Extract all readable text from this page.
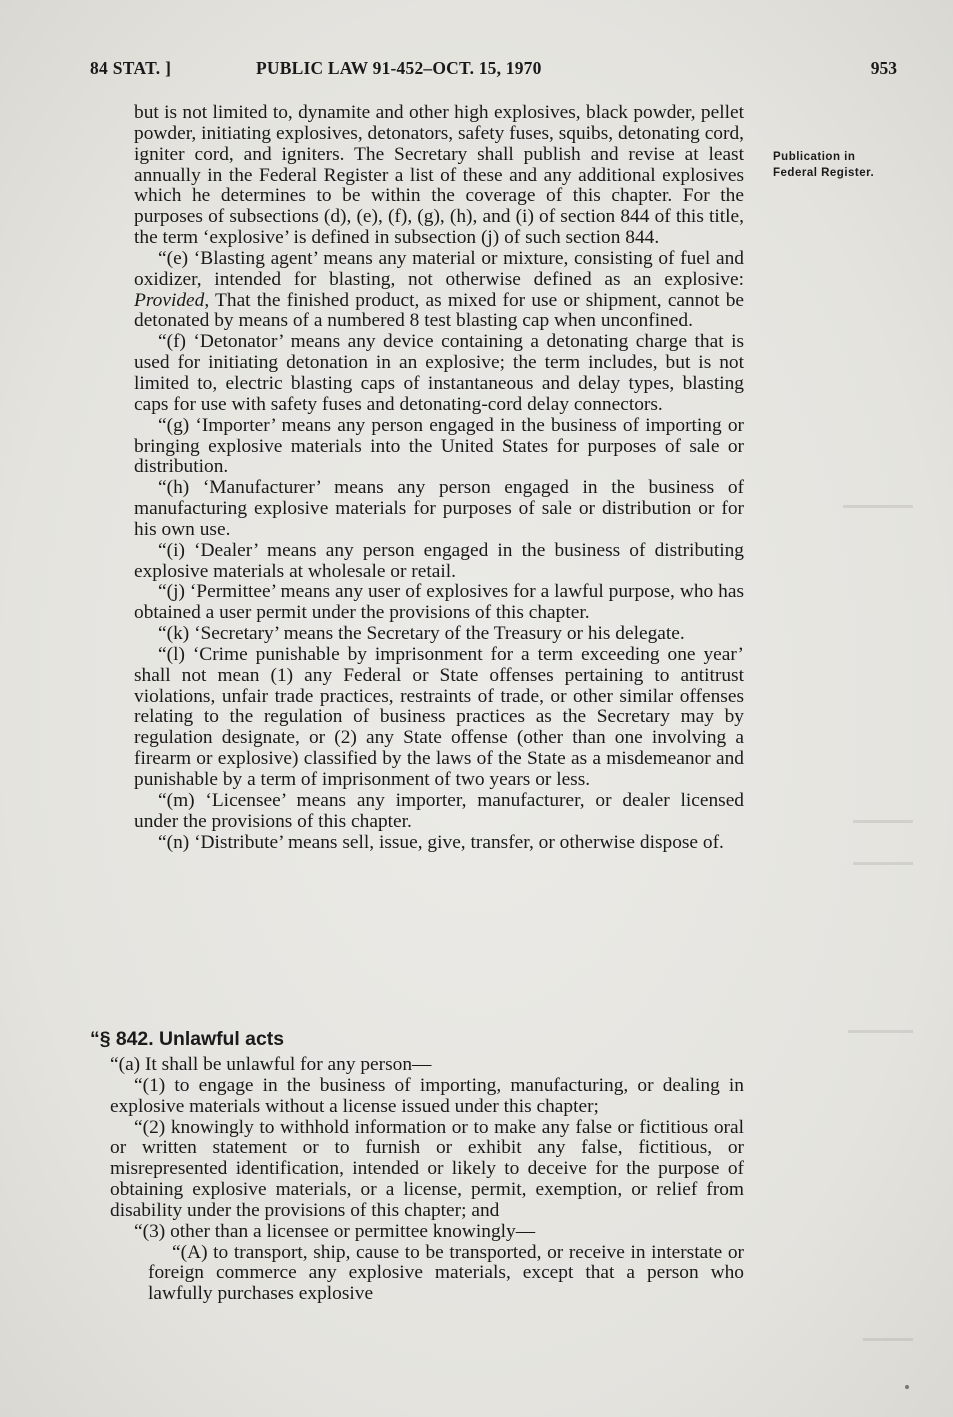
84 STAT. ]	PUBLIC LAW 91-452–OCT. 15, 1970	953
Publication in
Federal Register.

but is not limited to, dynamite and other high explosives, black powder, pellet powder, initiating explosives, detonators, safety fuses, squibs, detonating cord, igniter cord, and igniters. The Secretary shall publish and revise at least annually in the Federal Register a list of these and any additional explosives which he determines to be within the coverage of this chapter. For the purposes of subsections (d), (e), (f), (g), (h), and (i) of section 844 of this title, the term ‘explosive’ is defined in subsection (j) of such section 844.

“(e) ‘Blasting agent’ means any material or mixture, consisting of fuel and oxidizer, intended for blasting, not otherwise defined as an explosive: Provided, That the finished product, as mixed for use or shipment, cannot be detonated by means of a numbered 8 test blasting cap when unconfined.

“(f) ‘Detonator’ means any device containing a detonating charge that is used for initiating detonation in an explosive; the term includes, but is not limited to, electric blasting caps of instantaneous and delay types, blasting caps for use with safety fuses and detonating-cord delay connectors.

“(g) ‘Importer’ means any person engaged in the business of importing or bringing explosive materials into the United States for purposes of sale or distribution.

“(h) ‘Manufacturer’ means any person engaged in the business of manufacturing explosive materials for purposes of sale or distribution or for his own use.

“(i) ‘Dealer’ means any person engaged in the business of distributing explosive materials at wholesale or retail.

“(j) ‘Permittee’ means any user of explosives for a lawful purpose, who has obtained a user permit under the provisions of this chapter.

“(k) ‘Secretary’ means the Secretary of the Treasury or his delegate.

“(l) ‘Crime punishable by imprisonment for a term exceeding one year’ shall not mean (1) any Federal or State offenses pertaining to antitrust violations, unfair trade practices, restraints of trade, or other similar offenses relating to the regulation of business practices as the Secretary may by regulation designate, or (2) any State offense (other than one involving a firearm or explosive) classified by the laws of the State as a misdemeanor and punishable by a term of imprisonment of two years or less.

“(m) ‘Licensee’ means any importer, manufacturer, or dealer licensed under the provisions of this chapter.

“(n) ‘Distribute’ means sell, issue, give, transfer, or otherwise dispose of.

“§ 842. Unlawful acts

“(a) It shall be unlawful for any person—

“(1) to engage in the business of importing, manufacturing, or dealing in explosive materials without a license issued under this chapter;

“(2) knowingly to withhold information or to make any false or fictitious oral or written statement or to furnish or exhibit any false, fictitious, or misrepresented identification, intended or likely to deceive for the purpose of obtaining explosive materials, or a license, permit, exemption, or relief from disability under the provisions of this chapter; and

“(3) other than a licensee or permittee knowingly—

“(A) to transport, ship, cause to be transported, or receive in interstate or foreign commerce any explosive materials, except that a person who lawfully purchases explosive
